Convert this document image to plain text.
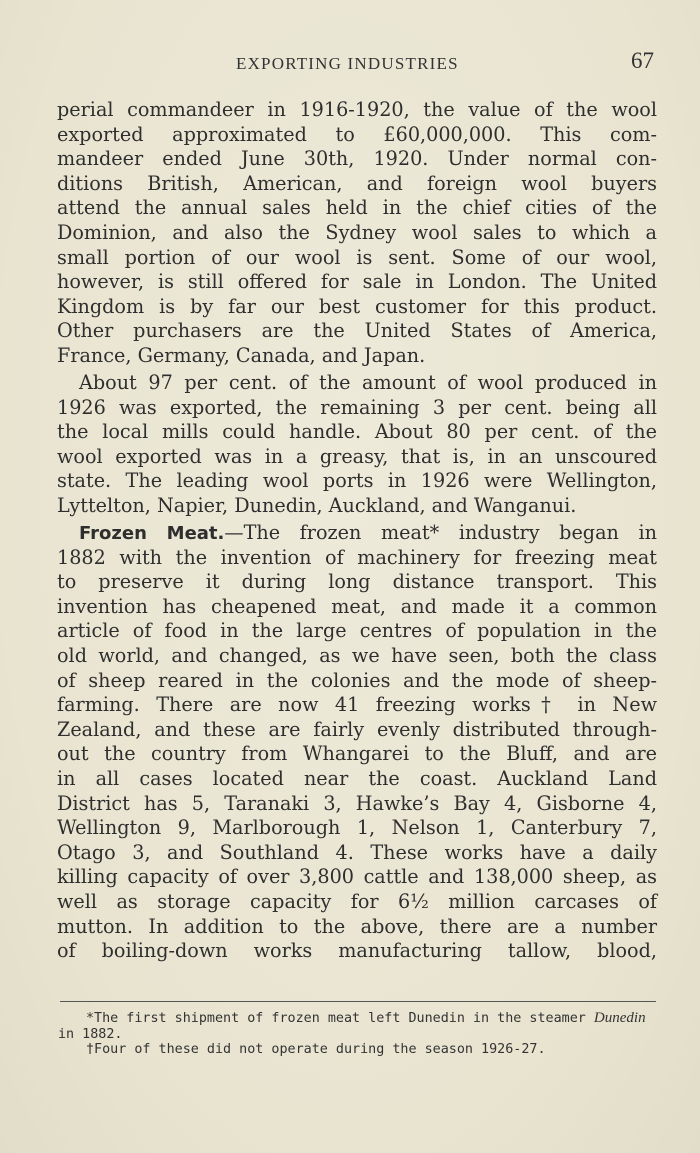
EXPORTING INDUSTRIES	67
perial commandeer in 1916-1920, the value of the wool
exported approximated to £60,000,000. This com-
mandeer ended June 30th, 1920. Under normal con-
ditions British, American, and foreign wool buyers
attend the annual sales held in the chief cities of the
Dominion, and also the Sydney wool sales to which a
small portion of our wool is sent. Some of our wool,
however, is still offered for sale in London. The United
Kingdom is by far our best customer for this product.
Other purchasers are the United States of America,
France, Germany, Canada, and Japan.
About 97 per cent. of the amount of wool produced in
1926 was exported, the remaining 3 per cent. being all
the local mills could handle. About 80 per cent. of the
wool exported was in a greasy, that is, in an unscoured
state. The leading wool ports in 1926 were Wellington,
Lyttelton, Napier, Dunedin, Auckland, and Wanganui.
Frozen Meat.—The frozen meat* industry began in
1882 with the invention of machinery for freezing meat
to preserve it during long distance transport. This
invention has cheapened meat, and made it a common
article of food in the large centres of population in the
old world, and changed, as we have seen, both the class
of sheep reared in the colonies and the mode of sheep-
farming. There are now 41 freezing works† in New
Zealand, and these are fairly evenly distributed through-
out the country from Whangarei to the Bluff, and are
in all cases located near the coast. Auckland Land
District has 5, Taranaki 3, Hawke’s Bay 4, Gisborne 4,
Wellington 9, Marlborough 1, Nelson 1, Canterbury 7,
Otago 3, and Southland 4. These works have a daily
killing capacity of over 3,800 cattle and 138,000 sheep, as
well as storage capacity for 6½ million carcases of
mutton. In addition to the above, there are a number
of boiling-down works manufacturing tallow, blood,
*The first shipment of frozen meat left Dunedin in the steamer Dunedin
in 1882.
†Four of these did not operate during the season 1926-27.
